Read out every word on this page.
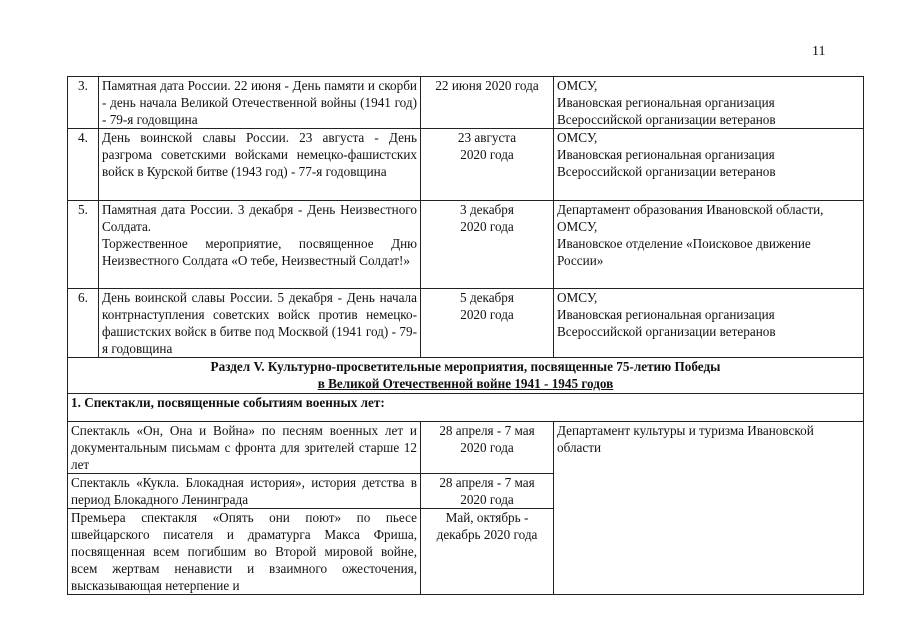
11
3.	Памятная дата России. 22 июня - День памяти и скорби - день начала Великой Отечественной войны (1941 год) - 79-я годовщина	22 июня 2020 года	ОМСУ,
Ивановская региональная организация
Всероссийской организации ветеранов

4.	День воинской славы России. 23 августа - День разгрома советскими войсками немецко-фашистских войск в Курской битве (1943 год) - 77-я годовщина	23 августа
2020 года	ОМСУ,
Ивановская региональная организация
Всероссийской организации ветеранов

5.	Памятная дата России. 3 декабря - День Неизвестного Солдата.
Торжественное мероприятие, посвященное Дню Неизвестного Солдата «О тебе, Неизвестный Солдат!»	3 декабря
2020 года	Департамент образования Ивановской области,
ОМСУ,
Ивановское отделение «Поисковое движение России»

6.	День воинской славы России. 5 декабря - День начала контрнаступления советских войск против немецко-фашистских войск в битве под Москвой (1941 год) - 79-я годовщина	5 декабря
2020 года	ОМСУ,
Ивановская региональная организация
Всероссийской организации ветеранов

Раздел V. Культурно-просветительные мероприятия, посвященные 75-летию Победы
в Великой Отечественной войне 1941 - 1945 годов			

1. Спектакли, посвященные событиям военных лет:			
Спектакль «Он, Она и Война» по песням военных лет и документальным письмам с фронта для зрителей старше 12 лет		28 апреля - 7 мая
2020 года	Департамент культуры и туризма Ивановской области
Спектакль «Кукла. Блокадная история», история детства в период Блокадного Ленинграда		28 апреля - 7 мая
2020 года	

Премьера спектакля «Опять они поют» по пьесе швейцарского писателя и драматурга Макса Фриша, посвященная всем погибшим во Второй мировой войне, всем жертвам ненависти и взаимного ожесточения, высказывающая нетерпение и		Май, октябрь -
декабрь 2020 года	
